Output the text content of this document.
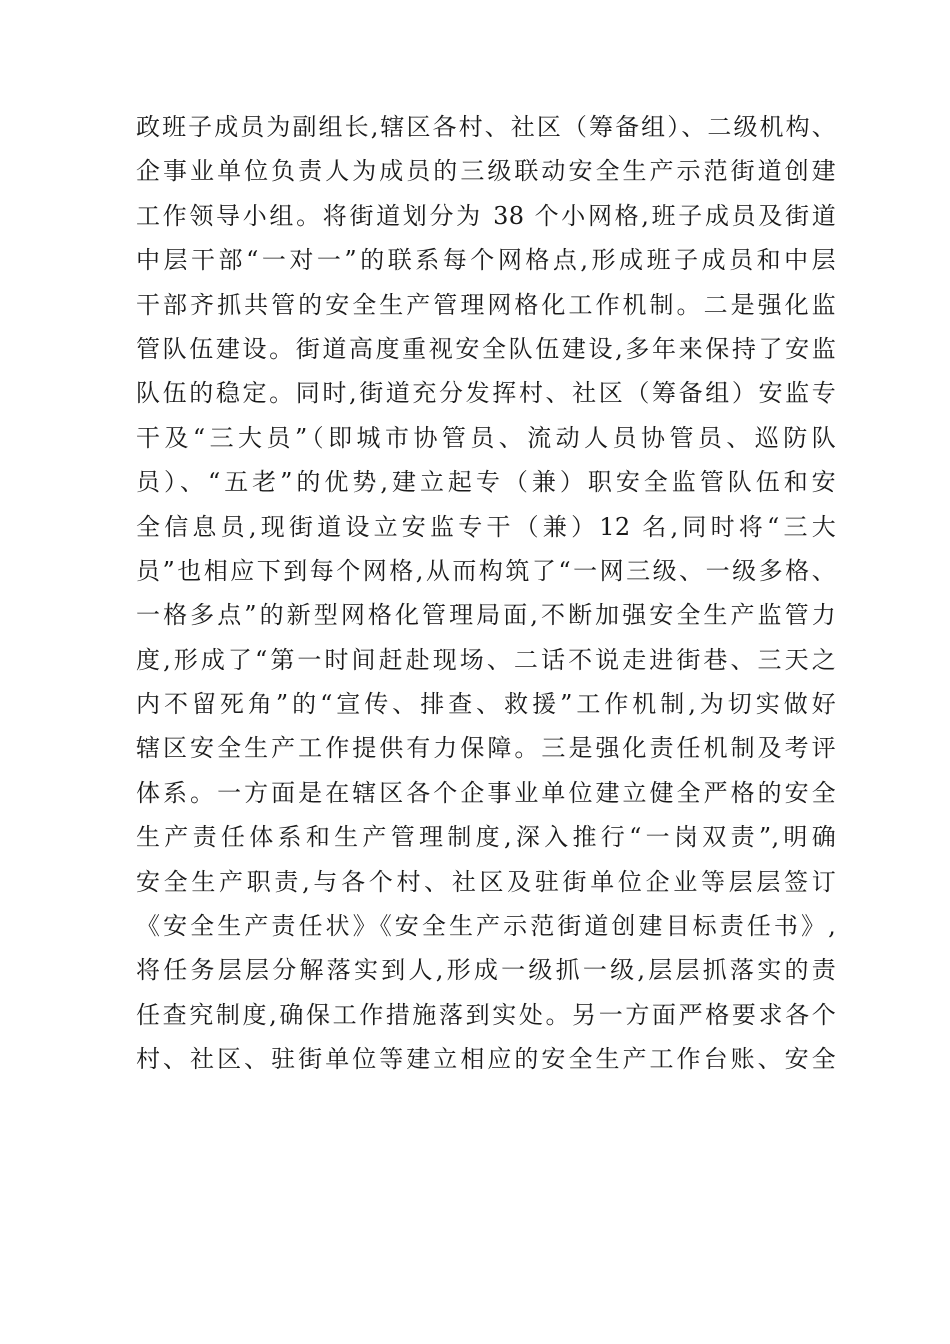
政班子成员为副组长,辖区各村、社区（筹备组）、二级机构、
企事业单位负责人为成员的三级联动安全生产示范街道创建
工作领导小组。将街道划分为 38 个小网格,班子成员及街道
中层干部“一对一”的联系每个网格点,形成班子成员和中层
干部齐抓共管的安全生产管理网格化工作机制。二是强化监
管队伍建设。街道高度重视安全队伍建设,多年来保持了安监
队伍的稳定。同时,街道充分发挥村、社区（筹备组）安监专
干及“三大员”（即城市协管员、流动人员协管员、巡防队
员）、“五老”的优势,建立起专（兼）职安全监管队伍和安
全信息员,现街道设立安监专干（兼）12 名,同时将“三大
员”也相应下到每个网格,从而构筑了“一网三级、一级多格、
一格多点”的新型网格化管理局面,不断加强安全生产监管力
度,形成了“第一时间赶赴现场、二话不说走进街巷、三天之
内不留死角”的“宣传、排查、救援”工作机制,为切实做好
辖区安全生产工作提供有力保障。三是强化责任机制及考评
体系。一方面是在辖区各个企事业单位建立健全严格的安全
生产责任体系和生产管理制度,深入推行“一岗双责”,明确
安全生产职责,与各个村、社区及驻街单位企业等层层签订
《安全生产责任状》《安全生产示范街道创建目标责任书》,
将任务层层分解落实到人,形成一级抓一级,层层抓落实的责
任查究制度,确保工作措施落到实处。另一方面严格要求各个
村、社区、驻街单位等建立相应的安全生产工作台账、安全
